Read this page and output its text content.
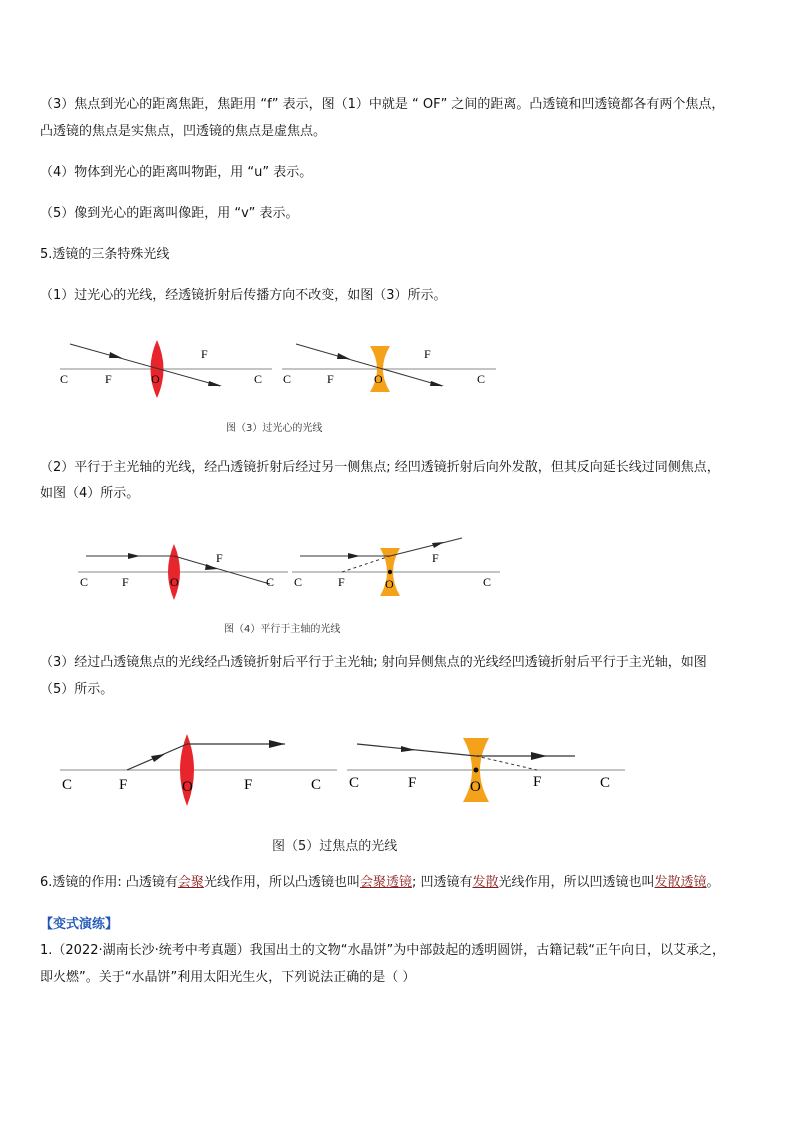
（3）焦点到光心的距离焦距，焦距用 “f” 表示，图（1）中就是 “ OF” 之间的距离。凸透镜和凹透镜都各有两个焦点，
凸透镜的焦点是实焦点，凹透镜的焦点是虚焦点。
（4）物体到光心的距离叫物距，用 “u” 表示。
（5）像到光心的距离叫像距，用 “v” 表示。
5.透镜的三条特殊光线
（1）过光心的光线，经透镜折射后传播方向不改变，如图（3）所示。
C	F	O
F
C C	F	O
F
C
图（3）过光心的光线
（2）平行于主光轴的光线，经凸透镜折射后经过另一侧焦点; 经凹透镜折射后向外发散，但其反向延长线过同侧焦点，
如图（4）所示。
C	F	O
F
C C	F	O
F
C
图（4）平行于主轴的光线
（3）经过凸透镜焦点的光线经凸透镜折射后平行于主光轴; 射向异侧焦点的光线经凹透镜折射后平行于主光轴，如图
（5）所示。
C	F	O	F	C C	F	O	F	C
图（5）过焦点的光线
6.透镜的作用: 凸透镜有会聚光线作用，所以凸透镜也叫会聚透镜; 凹透镜有发散光线作用，所以凹透镜也叫发散透镜。
【变式演练】
1.（2022·湖南长沙·统考中考真题）我国出土的文物“水晶饼”为中部鼓起的透明圆饼，古籍记载“正午向日，以艾承之，
即火燃”。关于“水晶饼”利用太阳光生火，下列说法正确的是（ ）
